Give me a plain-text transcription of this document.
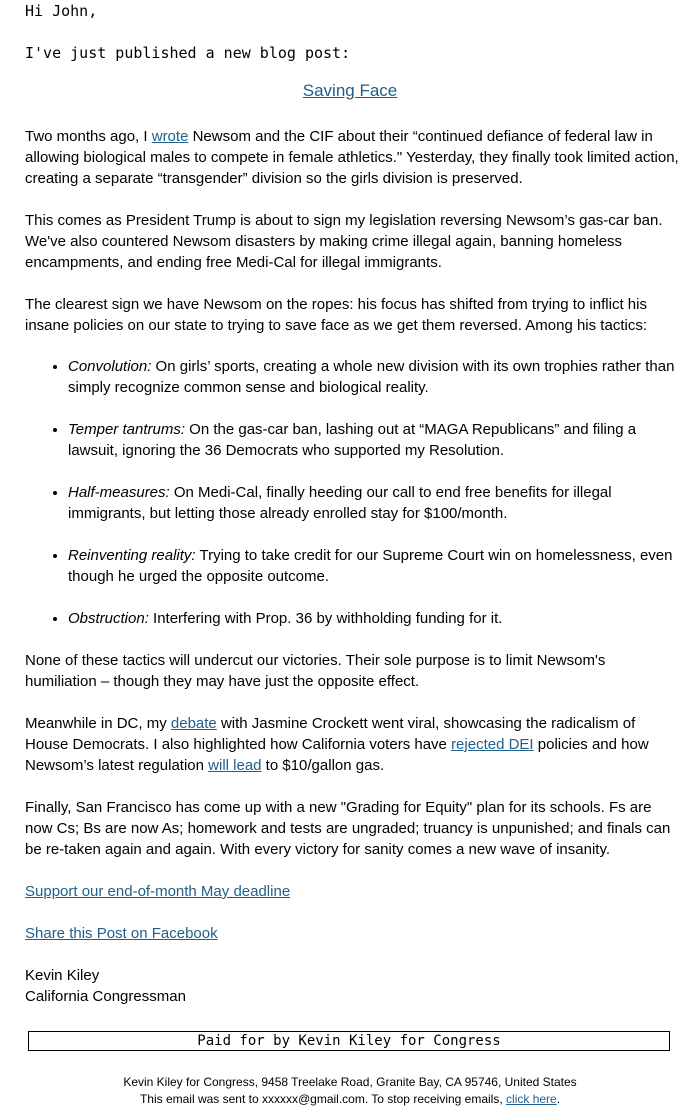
Hi John,
I've just published a new blog post:
Saving Face
Two months ago, I wrote Newsom and the CIF about their “continued defiance of federal law in allowing biological males to compete in female athletics." Yesterday, they finally took limited action, creating a separate “transgender” division so the girls division is preserved.
This comes as President Trump is about to sign my legislation reversing Newsom’s gas-car ban. We've also countered Newsom disasters by making crime illegal again, banning homeless encampments, and ending free Medi-Cal for illegal immigrants.
The clearest sign we have Newsom on the ropes: his focus has shifted from trying to inflict his insane policies on our state to trying to save face as we get them reversed. Among his tactics:
• Convolution: On girls’ sports, creating a whole new division with its own trophies rather than simply recognize common sense and biological reality.
• Temper tantrums: On the gas-car ban, lashing out at “MAGA Republicans” and filing a lawsuit, ignoring the 36 Democrats who supported my Resolution.
• Half-measures: On Medi-Cal, finally heeding our call to end free benefits for illegal immigrants, but letting those already enrolled stay for $100/month.
• Reinventing reality: Trying to take credit for our Supreme Court win on homelessness, even though he urged the opposite outcome.
• Obstruction: Interfering with Prop. 36 by withholding funding for it.
None of these tactics will undercut our victories. Their sole purpose is to limit Newsom's humiliation – though they may have just the opposite effect.
Meanwhile in DC, my debate with Jasmine Crockett went viral, showcasing the radicalism of House Democrats. I also highlighted how California voters have rejected DEI policies and how Newsom’s latest regulation will lead to $10/gallon gas.
Finally, San Francisco has come up with a new "Grading for Equity" plan for its schools. Fs are now Cs; Bs are now As; homework and tests are ungraded; truancy is unpunished; and finals can be re-taken again and again. With every victory for sanity comes a new wave of insanity.
Support our end-of-month May deadline
Share this Post on Facebook
Kevin Kiley
California Congressman
Paid for by Kevin Kiley for Congress
Kevin Kiley for Congress, 9458 Treelake Road, Granite Bay, CA 95746, United States
This email was sent to xxxxxx@gmail.com. To stop receiving emails, click here.
